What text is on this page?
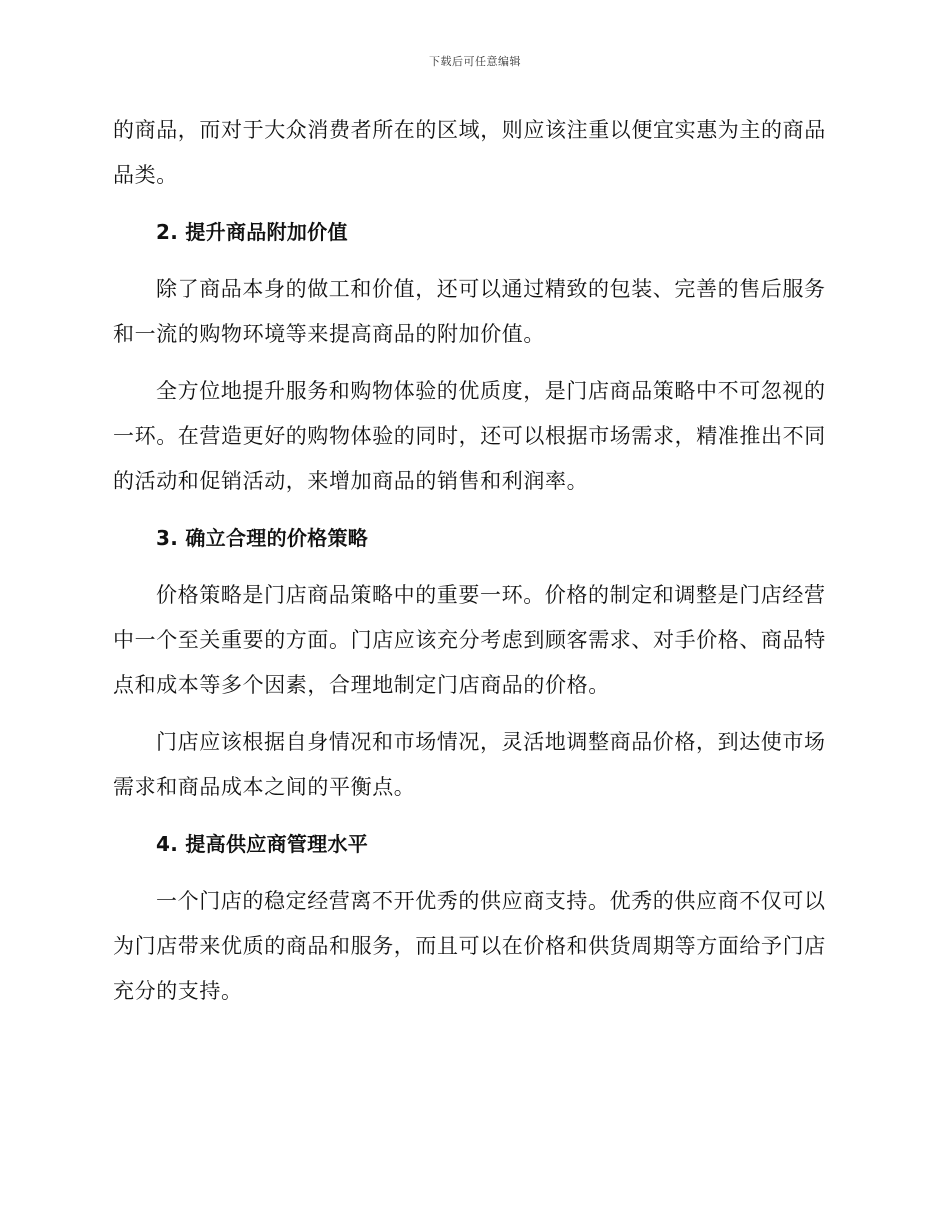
下载后可任意编辑

的商品，而对于大众消费者所在的区域，则应该注重以便宜实惠为主的商品品类。

2. 提升商品附加价值

除了商品本身的做工和价值，还可以通过精致的包装、完善的售后服务和一流的购物环境等来提高商品的附加价值。

全方位地提升服务和购物体验的优质度，是门店商品策略中不可忽视的一环。在营造更好的购物体验的同时，还可以根据市场需求，精准推出不同的活动和促销活动，来增加商品的销售和利润率。

3. 确立合理的价格策略

价格策略是门店商品策略中的重要一环。价格的制定和调整是门店经营中一个至关重要的方面。门店应该充分考虑到顾客需求、对手价格、商品特点和成本等多个因素，合理地制定门店商品的价格。

门店应该根据自身情况和市场情况，灵活地调整商品价格，到达使市场需求和商品成本之间的平衡点。

4. 提高供应商管理水平

一个门店的稳定经营离不开优秀的供应商支持。优秀的供应商不仅可以为门店带来优质的商品和服务，而且可以在价格和供货周期等方面给予门店充分的支持。
